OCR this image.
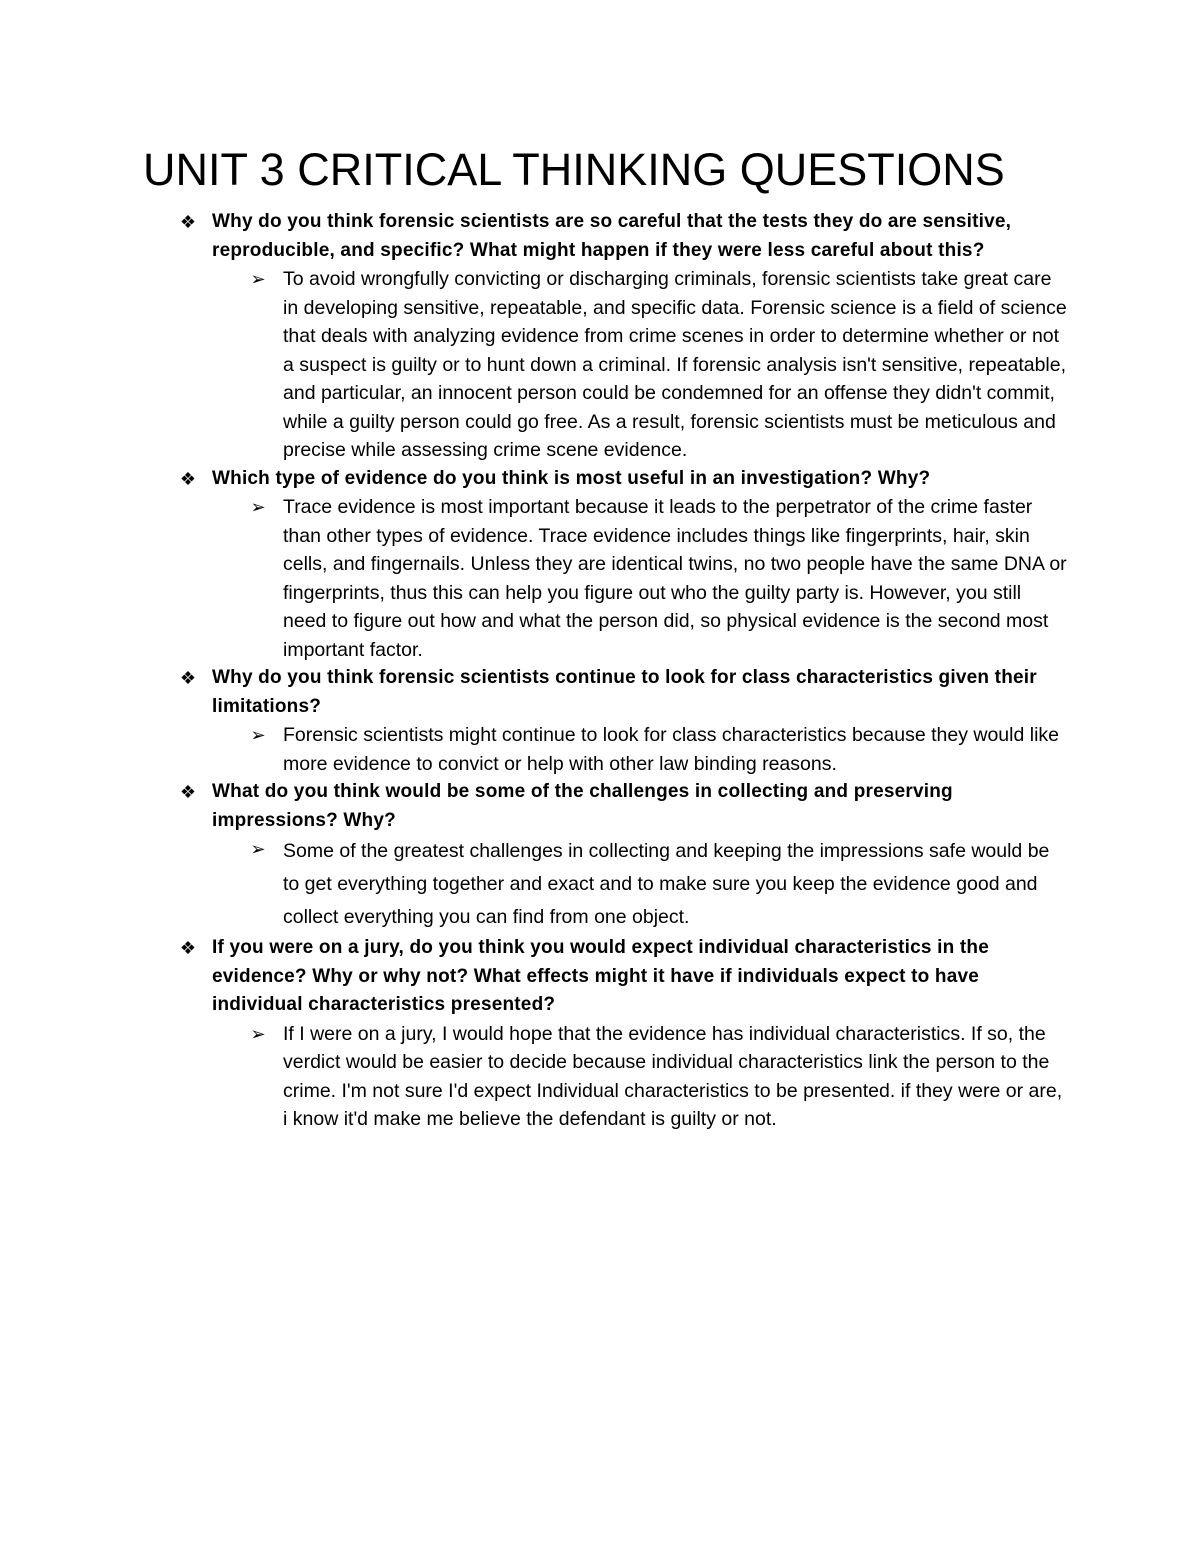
UNIT 3 CRITICAL THINKING QUESTIONS
❖ Why do you think forensic scientists are so careful that the tests they do are sensitive, reproducible, and specific? What might happen if they were less careful about this?

➢ To avoid wrongfully convicting or discharging criminals, forensic scientists take great care in developing sensitive, repeatable, and specific data. Forensic science is a field of science that deals with analyzing evidence from crime scenes in order to determine whether or not a suspect is guilty or to hunt down a criminal. If forensic analysis isn't sensitive, repeatable, and particular, an innocent person could be condemned for an offense they didn't commit, while a guilty person could go free. As a result, forensic scientists must be meticulous and precise while assessing crime scene evidence.

❖ Which type of evidence do you think is most useful in an investigation? Why?

➢ Trace evidence is most important because it leads to the perpetrator of the crime faster than other types of evidence. Trace evidence includes things like fingerprints, hair, skin cells, and fingernails. Unless they are identical twins, no two people have the same DNA or fingerprints, thus this can help you figure out who the guilty party is. However, you still need to figure out how and what the person did, so physical evidence is the second most important factor.

❖ Why do you think forensic scientists continue to look for class characteristics given their limitations?

➢ Forensic scientists might continue to look for class characteristics because they would like more evidence to convict or help with other law binding reasons.

❖ What do you think would be some of the challenges in collecting and preserving impressions? Why?

➢ Some of the greatest challenges in collecting and keeping the impressions safe would be to get everything together and exact and to make sure you keep the evidence good and collect everything you can find from one object.

❖ If you were on a jury, do you think you would expect individual characteristics in the evidence? Why or why not? What effects might it have if individuals expect to have individual characteristics presented?

➢ If I were on a jury, I would hope that the evidence has individual characteristics. If so, the verdict would be easier to decide because individual characteristics link the person to the crime. I'm not sure I'd expect Individual characteristics to be presented. if they were or are, i know it'd make me believe the defendant is guilty or not.
